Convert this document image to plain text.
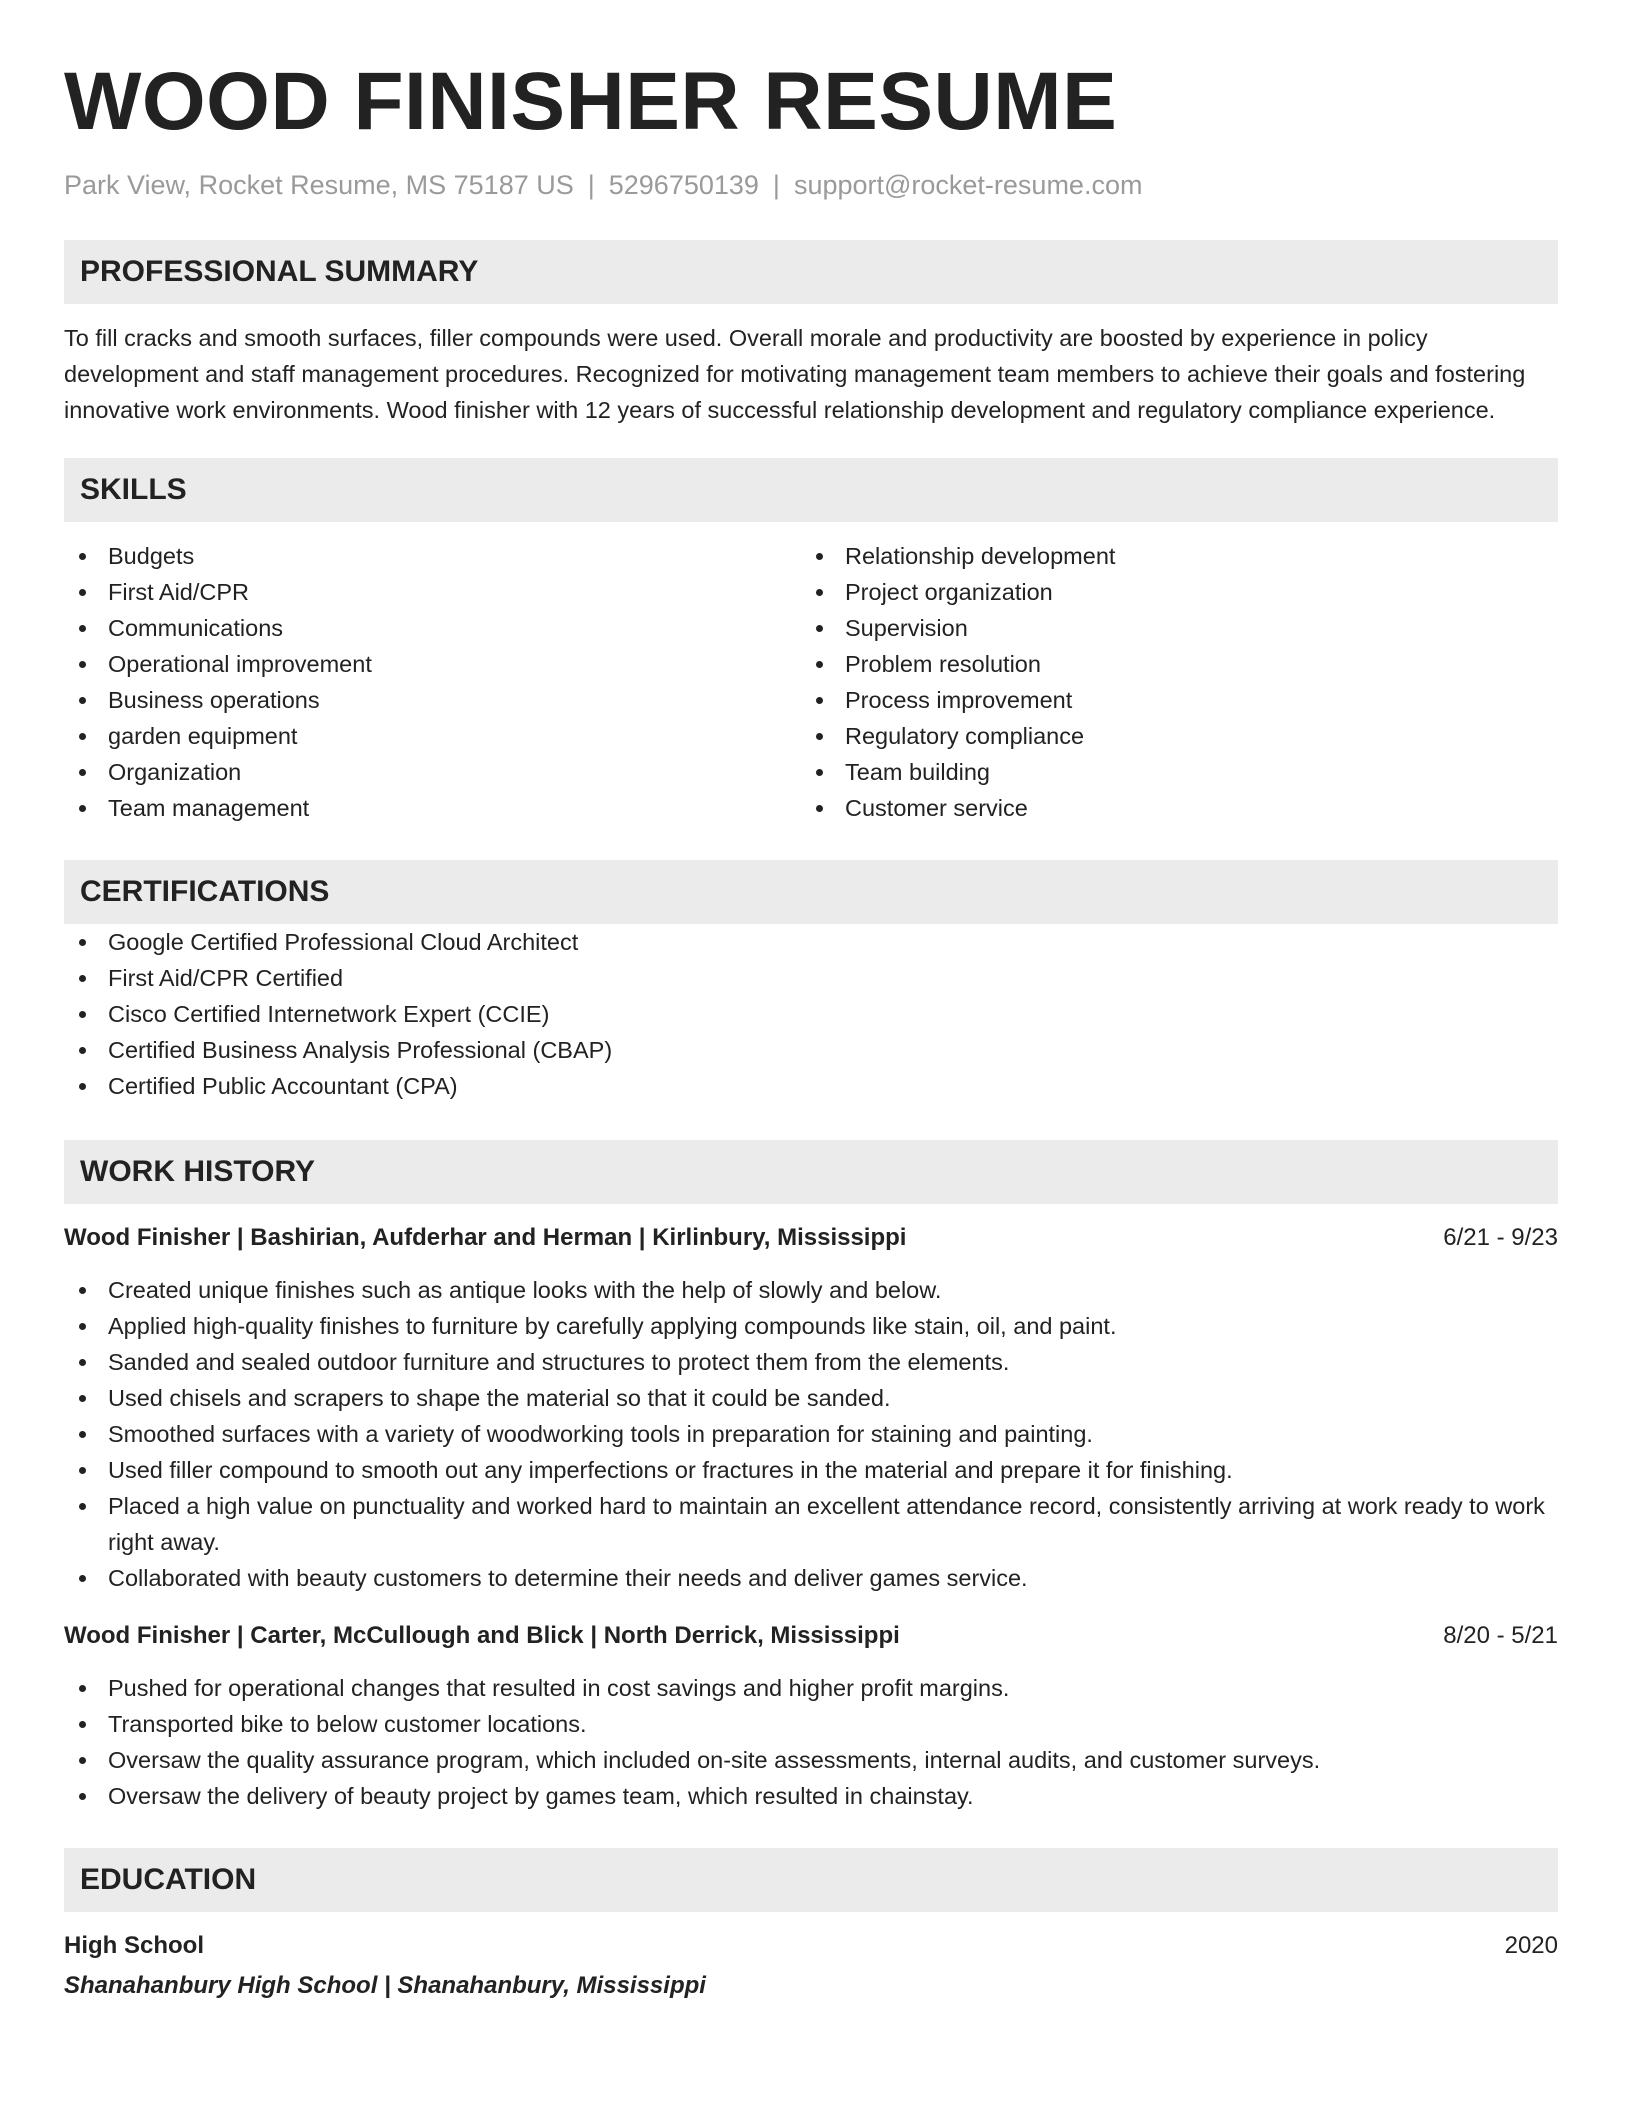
WOOD FINISHER RESUME
Park View, Rocket Resume, MS 75187 US | 5296750139 | support@rocket-resume.com
PROFESSIONAL SUMMARY

To fill cracks and smooth surfaces, filler compounds were used. Overall morale and productivity are boosted by experience in policy development and staff management procedures. Recognized for motivating management team members to achieve their goals and fostering innovative work environments. Wood finisher with 12 years of successful relationship development and regulatory compliance experience.

SKILLS
Budgets
First Aid/CPR
Communications
Operational improvement
Business operations
garden equipment
Organization
Team management
Relationship development
Project organization
Supervision
Problem resolution
Process improvement
Regulatory compliance
Team building
Customer service
CERTIFICATIONS
Google Certified Professional Cloud Architect
First Aid/CPR Certified
Cisco Certified Internetwork Expert (CCIE)
Certified Business Analysis Professional (CBAP)
Certified Public Accountant (CPA)
WORK HISTORY
Wood Finisher | Bashirian, Aufderhar and Herman | Kirlinbury, Mississippi	6/21 - 9/23
Created unique finishes such as antique looks with the help of slowly and below.
Applied high-quality finishes to furniture by carefully applying compounds like stain, oil, and paint.
Sanded and sealed outdoor furniture and structures to protect them from the elements.
Used chisels and scrapers to shape the material so that it could be sanded.
Smoothed surfaces with a variety of woodworking tools in preparation for staining and painting.
Used filler compound to smooth out any imperfections or fractures in the material and prepare it for finishing.
Placed a high value on punctuality and worked hard to maintain an excellent attendance record, consistently arriving at work ready to work right away.
Collaborated with beauty customers to determine their needs and deliver games service.
Wood Finisher | Carter, McCullough and Blick | North Derrick, Mississippi	8/20 - 5/21
Pushed for operational changes that resulted in cost savings and higher profit margins.
Transported bike to below customer locations.
Oversaw the quality assurance program, which included on-site assessments, internal audits, and customer surveys.
Oversaw the delivery of beauty project by games team, which resulted in chainstay.
EDUCATION
High School	2020
Shanahanbury High School | Shanahanbury, Mississippi
